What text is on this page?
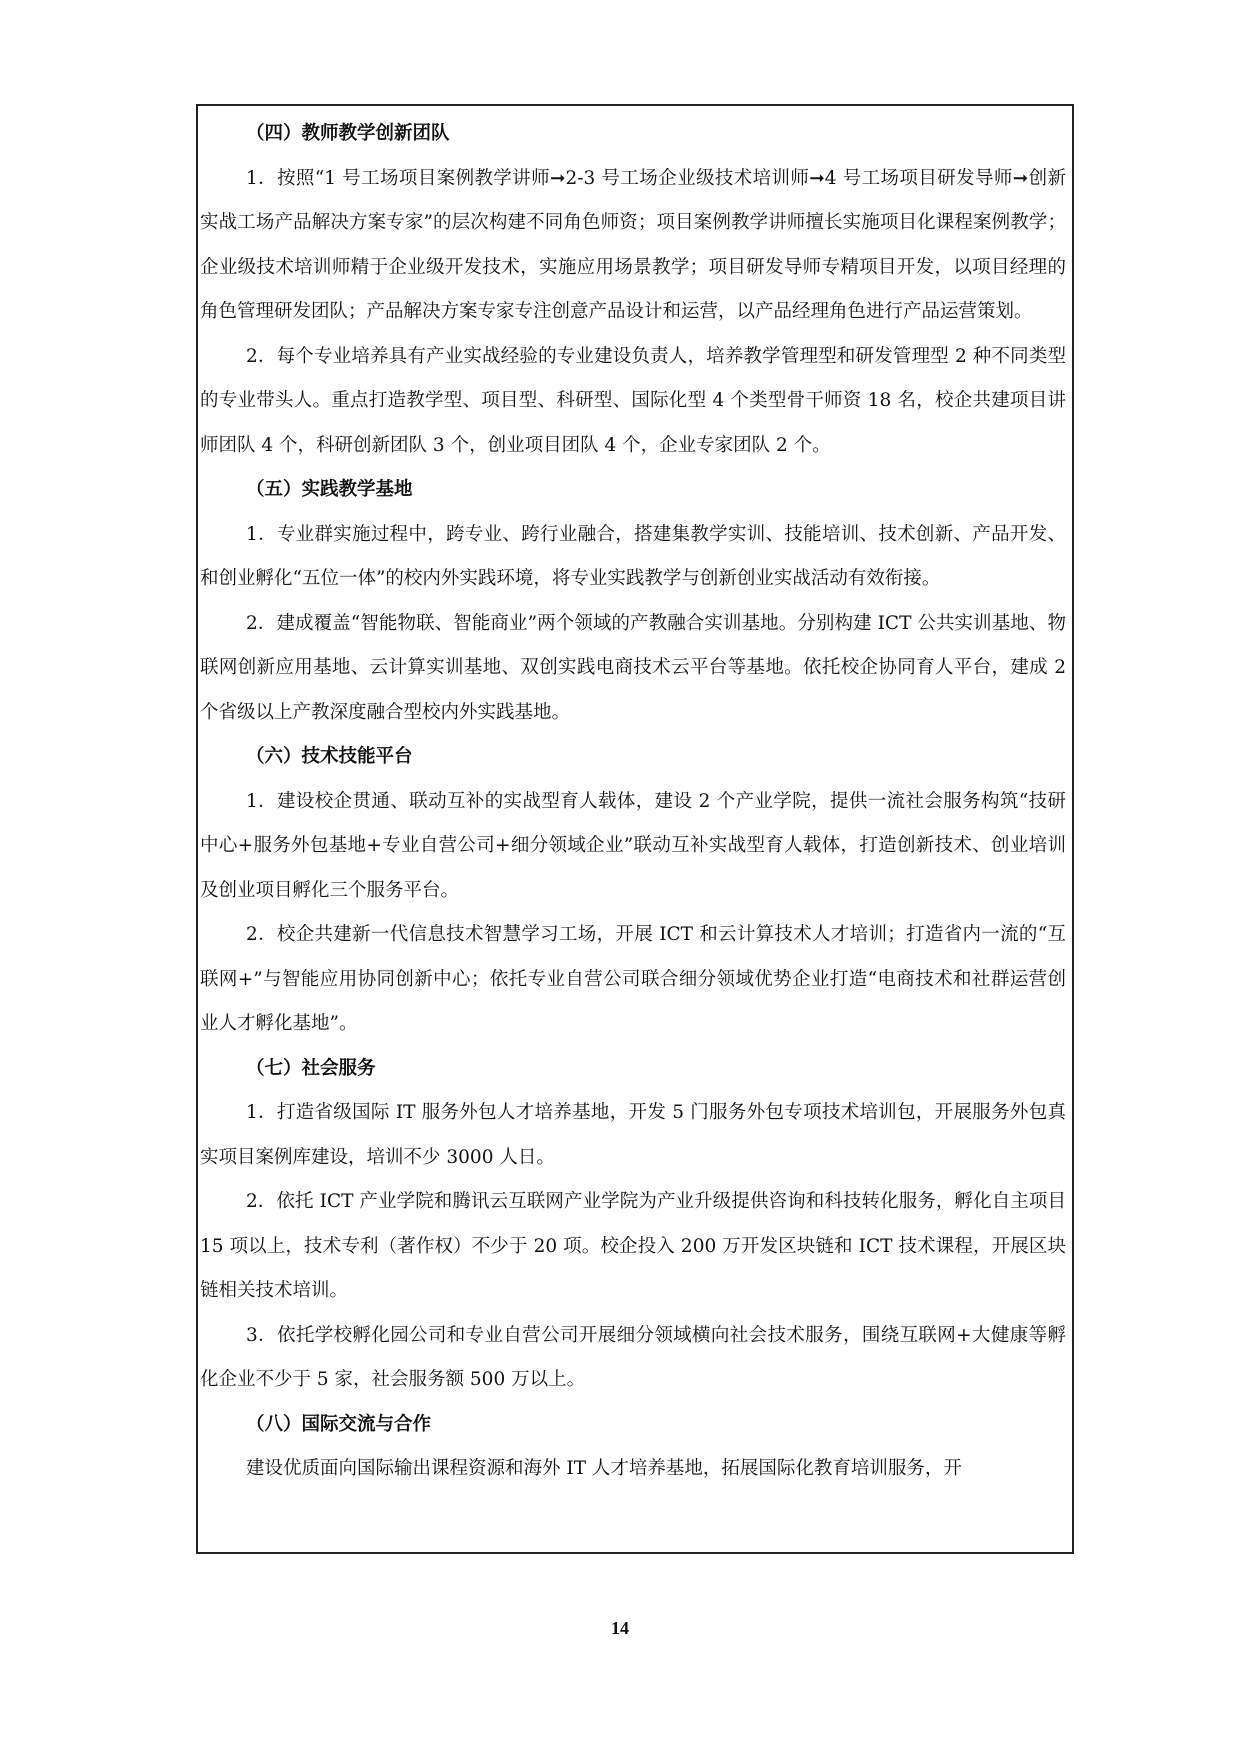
（四）教师教学创新团队

1．按照“1 号工场项目案例教学讲师➞2-3 号工场企业级技术培训师➞4 号工场项目研发导师➞创新实战工场产品解决方案专家”的层次构建不同角色师资；项目案例教学讲师擅长实施项目化课程案例教学；企业级技术培训师精于企业级开发技术，实施应用场景教学；项目研发导师专精项目开发，以项目经理的角色管理研发团队；产品解决方案专家专注创意产品设计和运营，以产品经理角色进行产品运营策划。

2．每个专业培养具有产业实战经验的专业建设负责人，培养教学管理型和研发管理型 2 种不同类型的专业带头人。重点打造教学型、项目型、科研型、国际化型 4 个类型骨干师资 18 名，校企共建项目讲师团队 4 个，科研创新团队 3 个，创业项目团队 4 个，企业专家团队 2 个。

（五）实践教学基地

1．专业群实施过程中，跨专业、跨行业融合，搭建集教学实训、技能培训、技术创新、产品开发、和创业孵化“五位一体”的校内外实践环境，将专业实践教学与创新创业实战活动有效衔接。

2．建成覆盖“智能物联、智能商业”两个领域的产教融合实训基地。分别构建 ICT 公共实训基地、物联网创新应用基地、云计算实训基地、双创实践电商技术云平台等基地。依托校企协同育人平台，建成 2 个省级以上产教深度融合型校内外实践基地。

（六）技术技能平台

1．建设校企贯通、联动互补的实战型育人载体，建设 2 个产业学院，提供一流社会服务构筑“技研中心+服务外包基地+专业自营公司+细分领域企业”联动互补实战型育人载体，打造创新技术、创业培训及创业项目孵化三个服务平台。

2．校企共建新一代信息技术智慧学习工场，开展 ICT 和云计算技术人才培训；打造省内一流的“互联网+”与智能应用协同创新中心；依托专业自营公司联合细分领域优势企业打造“电商技术和社群运营创业人才孵化基地”。

（七）社会服务

1．打造省级国际 IT 服务外包人才培养基地，开发 5 门服务外包专项技术培训包，开展服务外包真实项目案例库建设，培训不少 3000 人日。

2．依托 ICT 产业学院和腾讯云互联网产业学院为产业升级提供咨询和科技转化服务，孵化自主项目 15 项以上，技术专利（著作权）不少于 20 项。校企投入 200 万开发区块链和 ICT 技术课程，开展区块链相关技术培训。

3．依托学校孵化园公司和专业自营公司开展细分领域横向社会技术服务，围绕互联网+大健康等孵化企业不少于 5 家，社会服务额 500 万以上。

（八）国际交流与合作

建设优质面向国际输出课程资源和海外 IT 人才培养基地，拓展国际化教育培训服务，开

14
